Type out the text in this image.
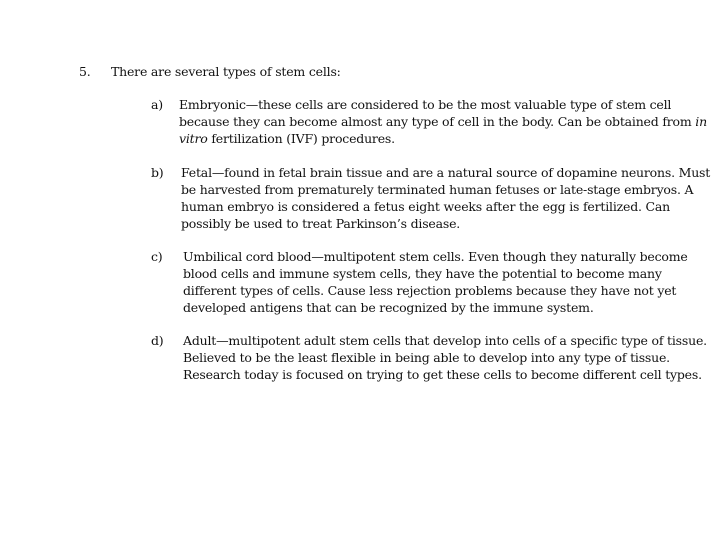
5. There are several types of stem cells:
a) Embryonic—these cells are considered to be the most valuable type of stem cell
because they can become almost any type of cell in the body. Can be obtained from in
vitro fertilization (IVF) procedures.
b) Fetal—found in fetal brain tissue and are a natural source of dopamine neurons. Must
be harvested from prematurely terminated human fetuses or late-stage embryos. A
human embryo is considered a fetus eight weeks after the egg is fertilized. Can
possibly be used to treat Parkinson’s disease.
c) Umbilical cord blood—multipotent stem cells. Even though they naturally become
blood cells and immune system cells, they have the potential to become many
different types of cells. Cause less rejection problems because they have not yet
developed antigens that can be recognized by the immune system.
d) Adult—multipotent adult stem cells that develop into cells of a specific type of tissue.
Believed to be the least flexible in being able to develop into any type of tissue.
Research today is focused on trying to get these cells to become different cell types.
